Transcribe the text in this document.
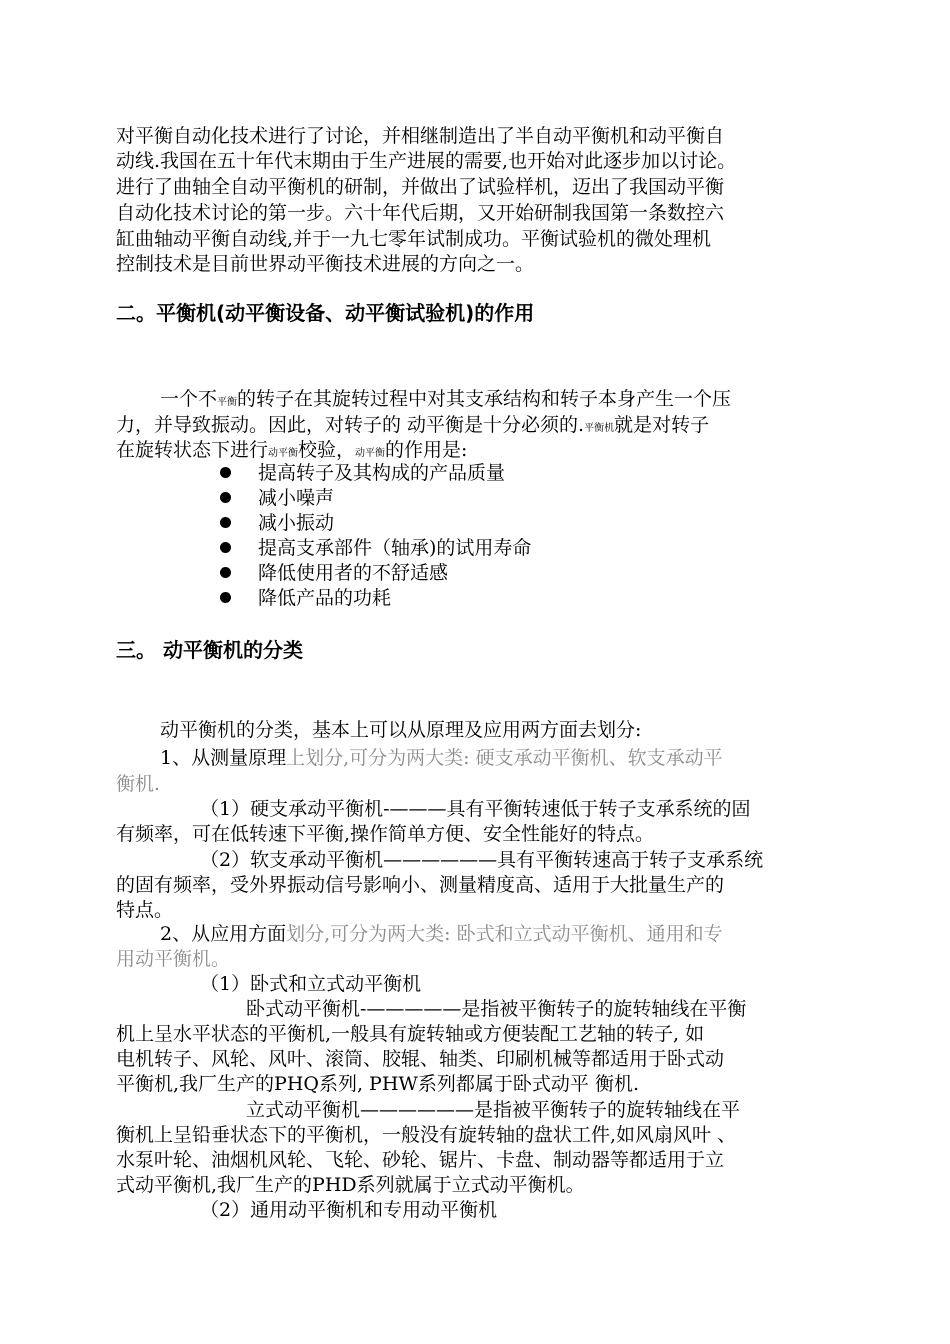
对平衡自动化技术进行了讨论，并相继制造出了半自动平衡机和动平衡自
动线.我国在五十年代末期由于生产进展的需要,也开始对此逐步加以讨论。
进行了曲轴全自动平衡机的研制，并做出了试验样机，迈出了我国动平衡
自动化技术讨论的第一步。六十年代后期，又开始研制我国第一条数控六
缸曲轴动平衡自动线,并于一九七零年试制成功。平衡试验机的微处理机
控制技术是目前世界动平衡技术进展的方向之一。
二。平衡机(动平衡设备、动平衡试验机)的作用
一个不平衡的转子在其旋转过程中对其支承结构和转子本身产生一个压
力，并导致振动。因此，对转子的 动平衡是十分必须的.平衡机就是对转子
在旋转状态下进行动平衡校验，动平衡的作用是:
提高转子及其构成的产品质量
减小噪声
减小振动
提高支承部件（轴承)的试用寿命
降低使用者的不舒适感
降低产品的功耗
三。 动平衡机的分类
动平衡机的分类，基本上可以从原理及应用两方面去划分:
1、从测量原理上划分,可分为两大类: 硬支承动平衡机、软支承动平
衡机.
（1）硬支承动平衡机-———具有平衡转速低于转子支承系统的固
有频率，可在低转速下平衡,操作简单方便、安全性能好的特点。
（2）软支承动平衡机——————具有平衡转速高于转子支承系统
的固有频率，受外界振动信号影响小、测量精度高、适用于大批量生产的
特点。
2、从应用方面划分,可分为两大类: 卧式和立式动平衡机、通用和专
用动平衡机。
（1）卧式和立式动平衡机
卧式动平衡机-—————是指被平衡转子的旋转轴线在平衡
机上呈水平状态的平衡机,一般具有旋转轴或方便装配工艺轴的转子, 如
电机转子、风轮、风叶、滚筒、胶辊、轴类、印刷机械等都适用于卧式动
平衡机,我厂生产的PHQ系列, PHW系列都属于卧式动平 衡机.
立式动平衡机——————是指被平衡转子的旋转轴线在平
衡机上呈铅垂状态下的平衡机，一般没有旋转轴的盘状工件,如风扇风叶 、
水泵叶轮、油烟机风轮、飞轮、砂轮、锯片、卡盘、制动器等都适用于立
式动平衡机,我厂生产的PHD系列就属于立式动平衡机。
（2）通用动平衡机和专用动平衡机
